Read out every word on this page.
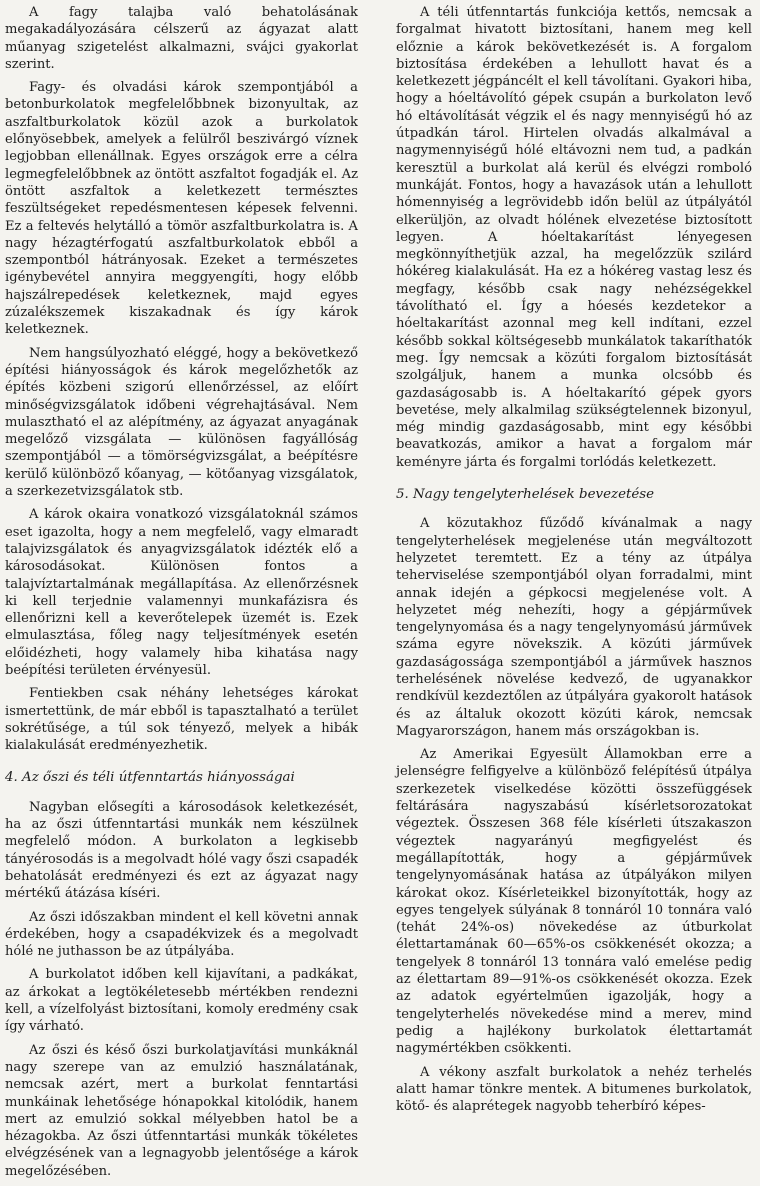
A fagy talajba való behatolásának megakadályozására célszerű az ágyazat alatt műanyag szigetelést alkalmazni, svájci gyakorlat szerint.

Fagy- és olvadási károk szempontjából a betonburkolatok megfelelőbbnek bizonyultak, az aszfaltburkolatok közül azok a burkolatok előnyösebbek, amelyek a felülről beszivárgó víznek legjobban ellenállnak. Egyes országok erre a célra legmegfelelőbbnek az öntött aszfaltot fogadják el. Az öntött aszfaltok a keletkezett természtes feszültségeket repedésmentesen képesek felvenni. Ez a feltevés helytálló a tömör aszfaltburkolatra is. A nagy hézagtérfogatú aszfaltburkolatok ebből a szempontból hátrányosak. Ezeket a természetes igénybevétel annyira meggyengíti, hogy előbb hajszálrepedések keletkeznek, majd egyes zúzalékszemek kiszakadnak és így károk keletkeznek.

Nem hangsúlyozható eléggé, hogy a bekövetkező építési hiányosságok és károk megelőzhetők az építés közbeni szigorú ellenőrzéssel, az előírt minőségvizsgálatok időbeni végrehajtásával. Nem mulasztható el az alépítmény, az ágyazat anyagának megelőző vizsgálata — különösen fagyállóság szempontjából — a tömörségvizsgálat, a beépítésre kerülő különböző kőanyag, — kötőanyag vizsgálatok, a szerkezetvizsgálatok stb.

A károk okaira vonatkozó vizsgálatoknál számos eset igazolta, hogy a nem megfelelő, vagy elmaradt talajvizsgálatok és anyagvizsgálatok idézték elő a károsodásokat. Különösen fontos a talajvíztartalmának megállapítása. Az ellenőrzésnek ki kell terjednie valamennyi munkafázisra és ellenőrizni kell a keverőtelepek üzemét is. Ezek elmulasztása, főleg nagy teljesítmények esetén előidézheti, hogy valamely hiba kihatása nagy beépítési területen érvényesül.

Fentiekben csak néhány lehetséges károkat ismertettünk, de már ebből is tapasztalható a terület sokrétűsége, a túl sok tényező, melyek a hibák kialakulását eredményezhetik.

4. Az őszi és téli útfenntartás hiányosságai

Nagyban elősegíti a károsodások keletkezését, ha az őszi útfenntartási munkák nem készülnek megfelelő módon. A burkolaton a legkisebb tányérosodás is a megolvadt hólé vagy őszi csapadék behatolását eredményezi és ezt az ágyazat nagy mértékű átázása kíséri.

Az őszi időszakban mindent el kell követni annak érdekében, hogy a csapadékvizek és a megolvadt hólé ne juthasson be az útpályába.

A burkolatot időben kell kijavítani, a padkákat, az árkokat a legtökéletesebb mértékben rendezni kell, a vízelfolyást biztosítani, komoly eredmény csak így várható.

Az őszi és késő őszi burkolatjavítási munkáknál nagy szerepe van az emulzió használatának, nemcsak azért, mert a burkolat fenntartási munkáinak lehetősége hónapokkal kitolódik, hanem mert az emulzió sokkal mélyebben hatol be a hézagokba. Az őszi útfenntartási munkák tökéletes elvégzésének van a legnagyobb jelentősége a károk megelőzésében.

A téli útfenntartás funkciója kettős, nemcsak a forgalmat hivatott biztosítani, hanem meg kell előznie a károk bekövetkezését is. A forgalom biztosítása érdekében a lehullott havat és a keletkezett jégpáncélt el kell távolítani. Gyakori hiba, hogy a hóeltávolító gépek csupán a burkolaton levő hó eltávolítását végzik el és nagy mennyiségű hó az útpadkán tárol. Hirtelen olvadás alkalmával a nagymennyiségű hólé eltávozni nem tud, a padkán keresztül a burkolat alá kerül és elvégzi romboló munkáját. Fontos, hogy a havazások után a lehullott hómennyiség a legrövidebb időn belül az útpályától elkerüljön, az olvadt hólének elvezetése biztosított legyen. A hóeltakarítást lényegesen megkönnyíthetjük azzal, ha megelőzzük szilárd hókéreg kialakulását. Ha ez a hókéreg vastag lesz és megfagy, később csak nagy nehézségekkel távolítható el. Így a hóesés kezdetekor a hóeltakarítást azonnal meg kell indítani, ezzel később sokkal költségesebb munkálatok takaríthatók meg. Így nemcsak a közúti forgalom biztosítását szolgáljuk, hanem a munka olcsóbb és gazdaságosabb is. A hóeltakarító gépek gyors bevetése, mely alkalmilag szükségtelennek bizonyul, még mindig gazdaságosabb, mint egy későbbi beavatkozás, amikor a havat a forgalom már keményre járta és forgalmi torlódás keletkezett.

5. Nagy tengelyterhelések bevezetése

A közutakhoz fűződő kívánalmak a nagy tengelyterhelések megjelenése után megváltozott helyzetet teremtett. Ez a tény az útpálya teherviselése szempontjából olyan forradalmi, mint annak idején a gépkocsi megjelenése volt. A helyzetet még nehezíti, hogy a gépjárművek tengelynyomása és a nagy tengelynyomású járművek száma egyre növekszik. A közúti járművek gazdaságossága szempontjából a járművek hasznos terhelésének növelése kedvező, de ugyanakkor rendkívül kezdeztőlen az útpályára gyakorolt hatások és az általuk okozott közúti károk, nemcsak Magyarországon, hanem más országokban is.

Az Amerikai Egyesült Államokban erre a jelenségre felfigyelve a különböző felépítésű útpálya szerkezetek viselkedése közötti összefüggések feltárására nagyszabású kísérletsorozatokat végeztek. Összesen 368 féle kísérleti útszakaszon végeztek nagyarányú megfigyelést és megállapították, hogy a gépjárművek tengelynyomásának hatása az útpályákon milyen károkat okoz. Kísérleteikkel bizonyították, hogy az egyes tengelyek súlyának 8 tonnáról 10 tonnára való (tehát 24%-os) növekedése az útburkolat élettartamának 60—65%-os csökkenését okozza; a tengelyek 8 tonnáról 13 tonnára való emelése pedig az élettartam 89—91%-os csökkenését okozza. Ezek az adatok egyértelműen igazolják, hogy a tengelyterhelés növekedése mind a merev, mind pedig a hajlékony burkolatok élettartamát nagymértékben csökkenti.

A vékony aszfalt burkolatok a nehéz terhelés alatt hamar tönkre mentek. A bitumenes burkolatok, kötő- és alaprétegek nagyobb teherbíró képes-
